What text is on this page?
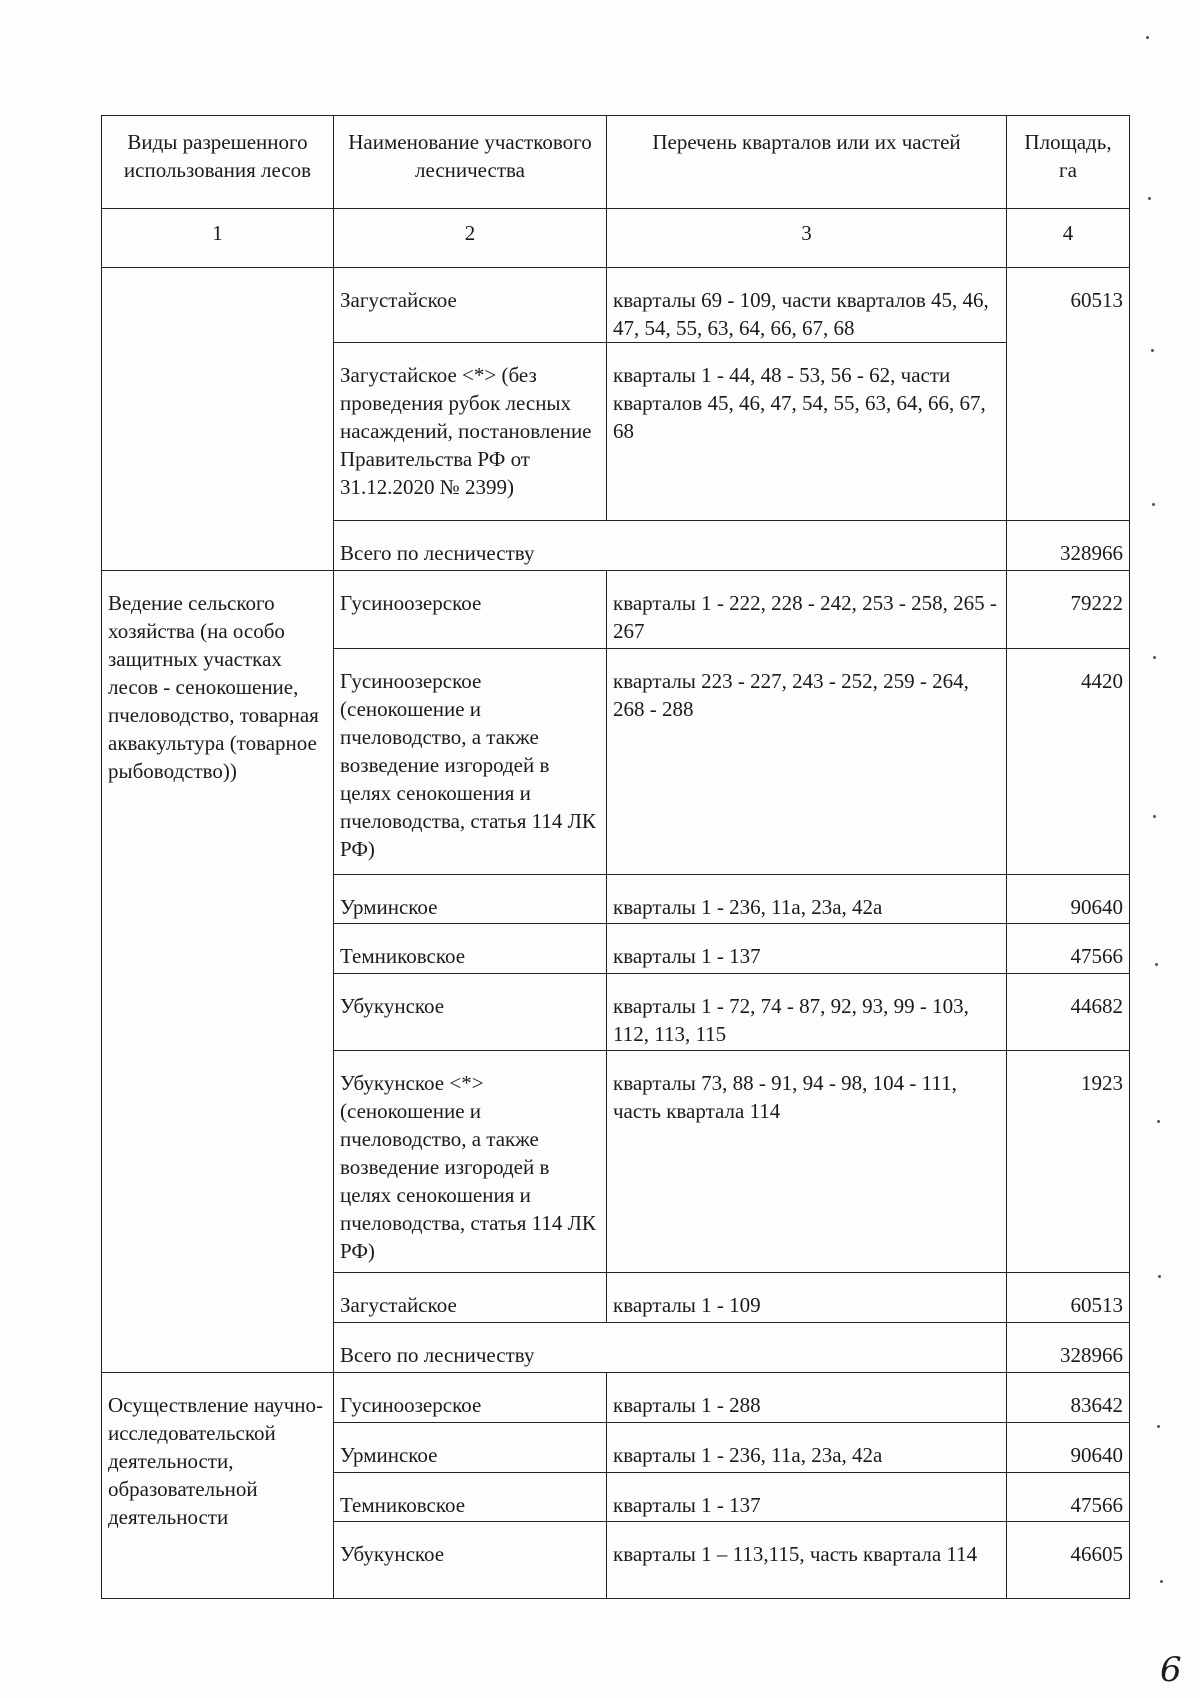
Виды разрешенного использования лесов	Наименование участкового лесничества	Перечень кварталов или их частей	Площадь, га
1	2	3	4
	Загустайское	кварталы 69 - 109, части кварталов 45, 46, 47, 54, 55, 63, 64, 66, 67, 68	60513
	Загустайское <*> (без проведения рубок лесных насаждений, постановление Правительства РФ от 31.12.2020 № 2399)	кварталы 1 - 44, 48 - 53, 56 - 62, части кварталов 45, 46, 47, 54, 55, 63, 64, 66, 67, 68	
	Всего по лесничеству		328966
Ведение сельского хозяйства (на особо защитных участках лесов - сенокошение, пчеловодство, товарная аквакультура (товарное рыбоводство))	Гусиноозерское	кварталы 1 - 222, 228 - 242, 253 - 258, 265 - 267	79222
	Гусиноозерское (сенокошение и пчеловодство, а также возведение изгородей в целях сенокошения и пчеловодства, статья 114 ЛК РФ)	кварталы 223 - 227, 243 - 252, 259 - 264, 268 - 288	4420
	Урминское	кварталы 1 - 236, 11а, 23а, 42а	90640
	Темниковское	кварталы 1 - 137	47566
	Убукунское	кварталы 1 - 72, 74 - 87, 92, 93, 99 - 103, 112, 113, 115	44682
	Убукунское <*> (сенокошение и пчеловодство, а также возведение изгородей в целях сенокошения и пчеловодства, статья 114 ЛК РФ)	кварталы 73, 88 - 91, 94 - 98, 104 - 111, часть квартала 114	1923
	Загустайское	кварталы 1 - 109	60513
	Всего по лесничеству		328966
Осуществление научно-исследовательской деятельности, образовательной деятельности	Гусиноозерское	кварталы 1 - 288	83642
	Урминское	кварталы 1 - 236, 11а, 23а, 42а	90640
	Темниковское	кварталы 1 - 137	47566
	Убукунское	кварталы 1 – 113,115, часть квартала 114	46605
6
